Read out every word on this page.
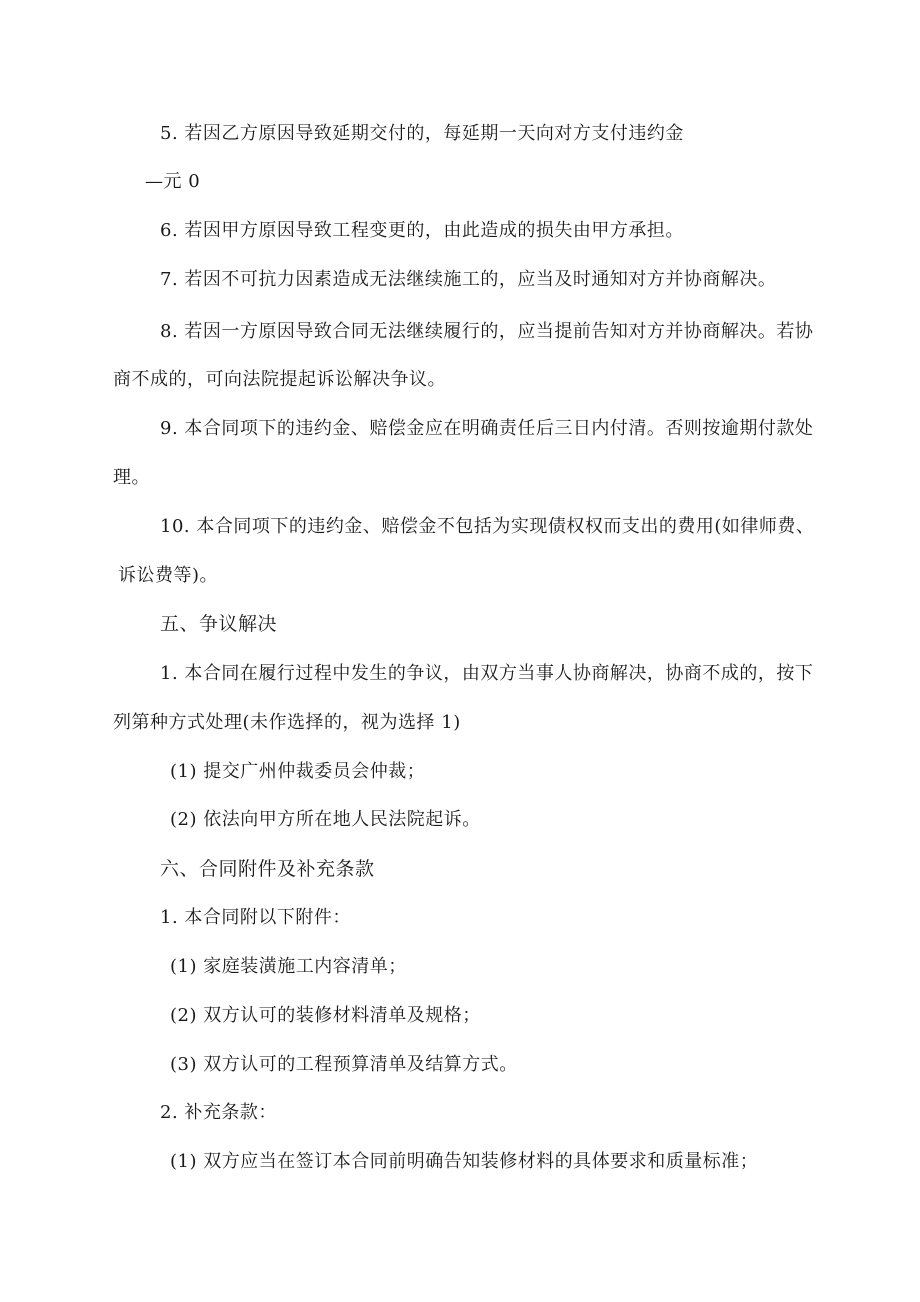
5. 若因乙方原因导致延期交付的，每延期一天向对方支付违约金
—元 0
6. 若因甲方原因导致工程变更的，由此造成的损失由甲方承担。
7. 若因不可抗力因素造成无法继续施工的，应当及时通知对方并协商解决。
8. 若因一方原因导致合同无法继续履行的，应当提前告知对方并协商解决。若协
商不成的，可向法院提起诉讼解决争议。
9. 本合同项下的违约金、赔偿金应在明确责任后三日内付清。否则按逾期付款处
理。
10. 本合同项下的违约金、赔偿金不包括为实现债权权而支出的费用(如律师费、
诉讼费等)。
五、争议解决
1. 本合同在履行过程中发生的争议，由双方当事人协商解决，协商不成的，按下
列第种方式处理(未作选择的，视为选择 1)
(1) 提交广州仲裁委员会仲裁；
(2) 依法向甲方所在地人民法院起诉。
六、合同附件及补充条款
1. 本合同附以下附件：
(1) 家庭装潢施工内容清单；
(2) 双方认可的装修材料清单及规格；
(3) 双方认可的工程预算清单及结算方式。
2. 补充条款：
(1) 双方应当在签订本合同前明确告知装修材料的具体要求和质量标准；
